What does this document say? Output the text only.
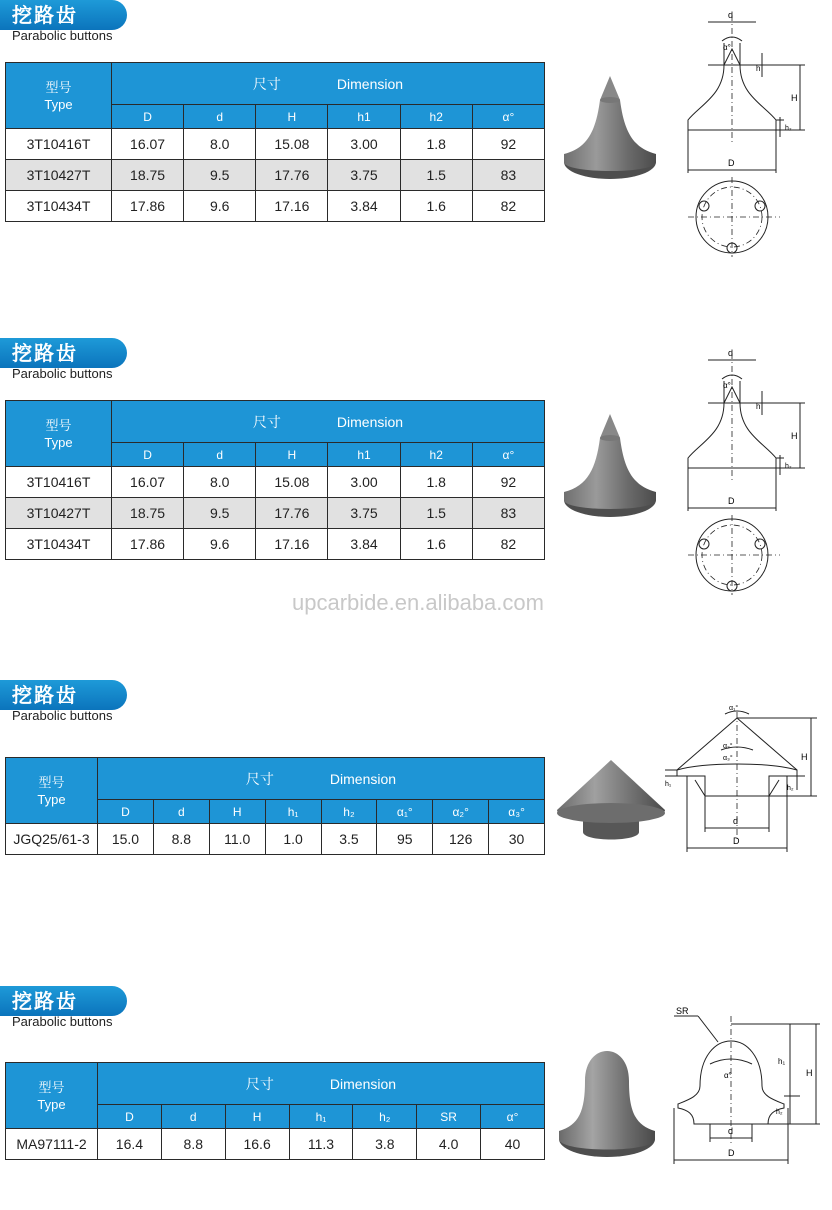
挖路齿
Parabolic buttons
型号
Type	尺寸 Dimension					
	D	d	H	h1	h2	α°
3T10416T	16.07	8.0	15.08	3.00	1.8	92
3T10427T	18.75	9.5	17.76	3.75	1.5	83
3T10434T	17.86	9.6	17.16	3.84	1.6	82
d
α°
h
H
h₂
D
挖路齿
Parabolic buttons
型号
Type	尺寸 Dimension					
	D	d	H	h1	h2	α°
3T10416T	16.07	8.0	15.08	3.00	1.8	92
3T10427T	18.75	9.5	17.76	3.75	1.5	83
3T10434T	17.86	9.6	17.16	3.84	1.6	82
d
α°
h
H
h₂
D
upcarbide.en.alibaba.com
挖路齿
Parabolic buttons
型号
Type	尺寸 Dimension							
	D	d	H	h₁	h₂	α₁°	α₂°	α₃°
JGQ25/61-3	15.0	8.8	11.0	1.0	3.5	95	126	30
α₁°
α₂°
α₃°	H
h₁
h₂
d
D
挖路齿
Parabolic buttons
型号
Type	尺寸 Dimension						
	D	d	H	h₁	h₂	SR	α°
MA97111-2	16.4	8.8	16.6	11.3	3.8	4.0	40
SR
α°
h₁
H
h₂
d
D
